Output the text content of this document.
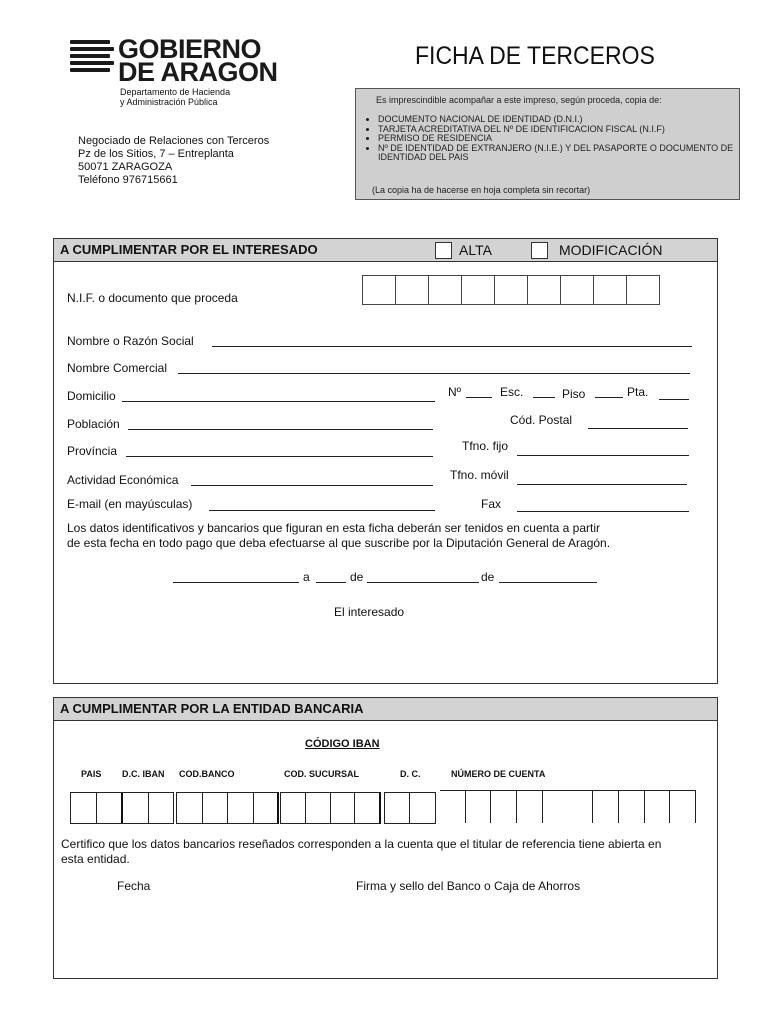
GOBIERNO
DE ARAGON
Departamento de Hacienda
y Administración Pública
Negociado de Relaciones con Terceros
Pz de los Sitios, 7 – Entreplanta
50071 ZARAGOZA
Teléfono 976715661
FICHA DE TERCEROS
Es imprescindible acompañar a este impreso, según proceda, copia de:
• DOCUMENTO NACIONAL DE IDENTIDAD (D.N.I.)
• TARJETA ACREDITATIVA DEL Nº DE IDENTIFICACION FISCAL (N.I.F)
• PERMISO DE RESIDENCIA
• Nº DE IDENTIDAD DE EXTRANJERO (N.I.E.) Y DEL PASAPORTE O DOCUMENTO DE IDENTIDAD DEL PAIS
(La copia ha de hacerse en hoja completa sin recortar)
A CUMPLIMENTAR POR EL INTERESADO	ALTA	MODIFICACIÓN
N.I.F. o documento que proceda
Nombre o Razón Social
Nombre Comercial
Domicilio	Nº	Esc.	Piso	Pta.
Población	Cód. Postal
Província	Tfno. fijo
Actividad Económica	Tfno. móvil
E-mail (en mayúsculas)	Fax
Los datos identificativos y bancarios que figuran en esta ficha deberán ser tenidos en cuenta a partir
de esta fecha en todo pago que deba efectuarse al que suscribe por la Diputación General de Aragón.
a	de	de
El interesado
A CUMPLIMENTAR POR LA ENTIDAD BANCARIA
CÓDIGO IBAN
PAIS D.C. IBAN COD.BANCO	COD. SUCURSAL	D. C.	NÚMERO DE CUENTA
Certifico que los datos bancarios reseñados corresponden a la cuenta que el titular de referencia tiene abierta en
esta entidad.
Fecha	Firma y sello del Banco o Caja de Ahorros
